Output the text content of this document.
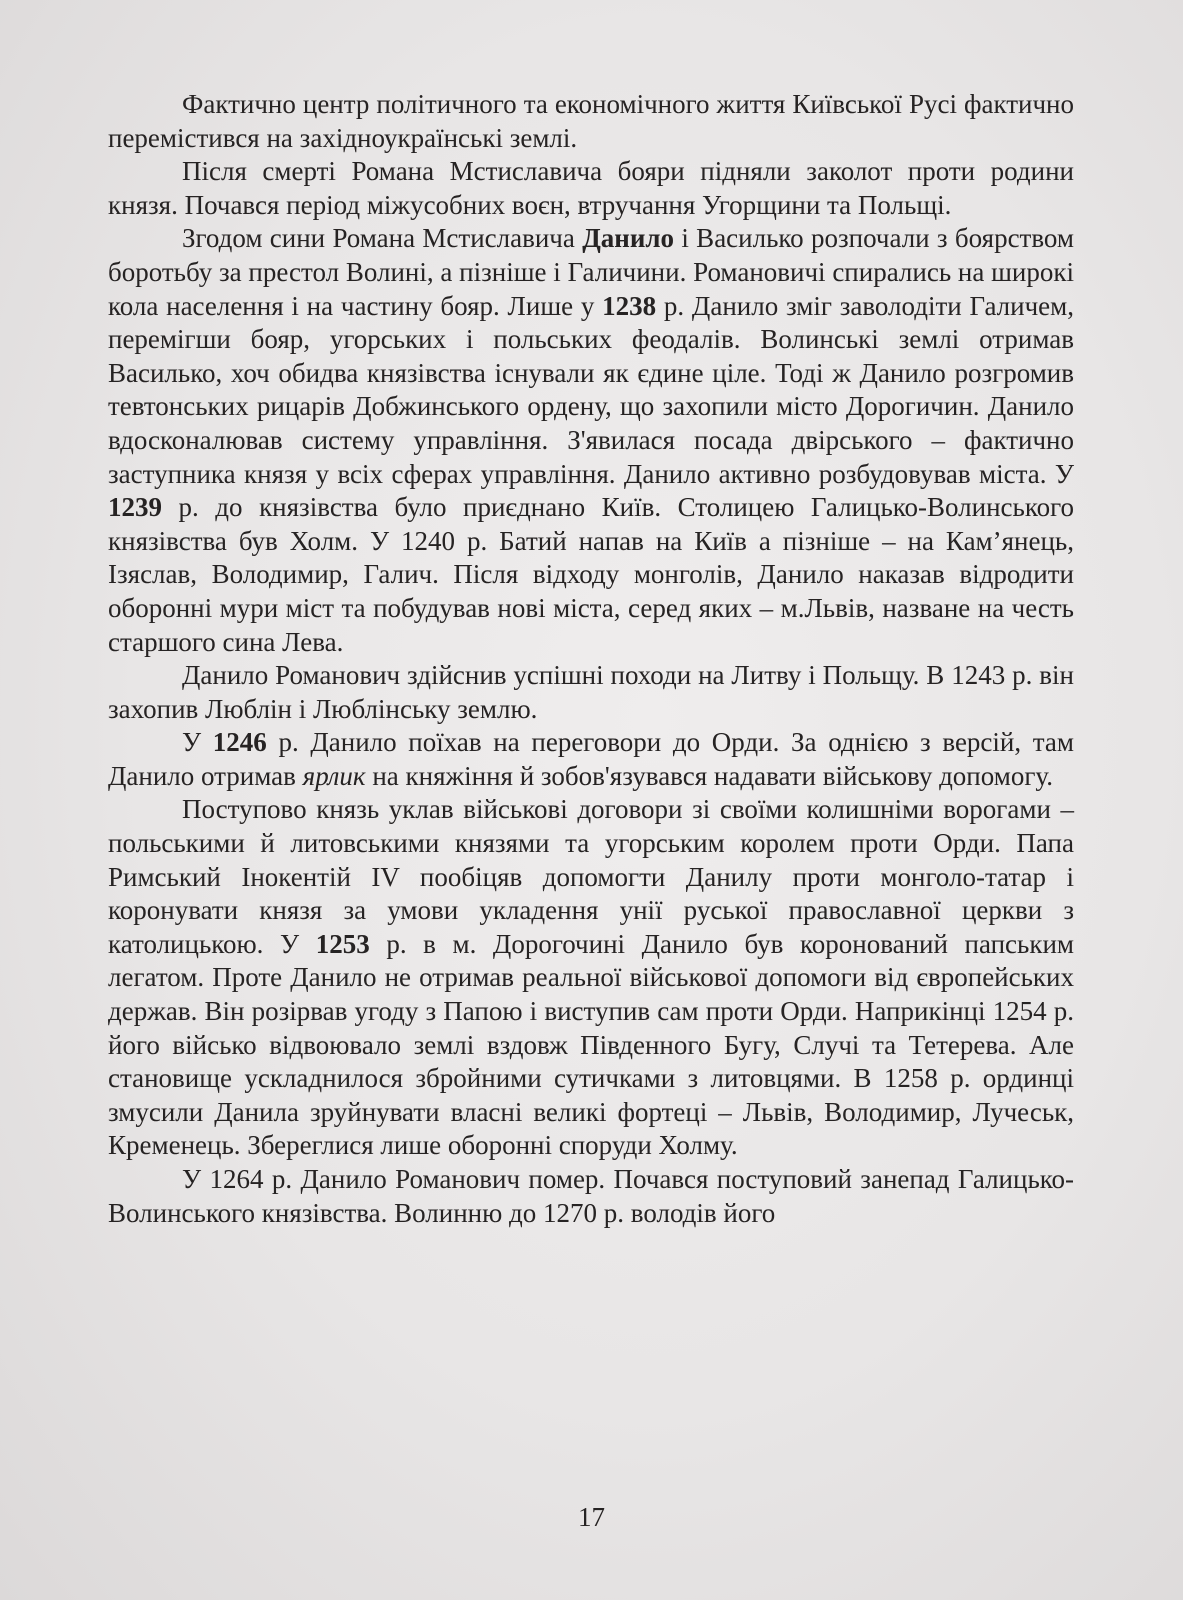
Фактично центр політичного та економічного життя Київської Русі фактично перемістився на західноукраїнські землі.

Після смерті Романа Мстиславича бояри підняли заколот проти родини князя. Почався період міжусобних воєн, втручання Угорщини та Польщі.

Згодом сини Романа Мстиславича Данило і Василько розпочали з боярством боротьбу за престол Волині, а пізніше і Галичини. Романовичі спирались на широкі кола населення і на частину бояр. Лише у 1238 р. Данило зміг заволодіти Галичем, перемігши бояр, угорських і польських феодалів. Волинські землі отримав Василько, хоч обидва князівства існували як єдине ціле. Тоді ж Данило розгромив тевтонських рицарів Добжинського ордену, що захопили місто Дорогичин. Данило вдосконалював систему управління. З'явилася посада двірського – фактично заступника князя у всіх сферах управління. Данило активно розбудовував міста. У 1239 р. до князівства було приєднано Київ. Столицею Галицько-Волинського князівства був Холм. У 1240 р. Батий напав на Київ а пізніше – на Кам’янець, Ізяслав, Володимир, Галич. Після відходу монголів, Данило наказав відродити оборонні мури міст та побудував нові міста, серед яких – м.Львів, назване на честь старшого сина Лева.

Данило Романович здійснив успішні походи на Литву і Польщу. В 1243 р. він захопив Люблін і Люблінську землю.

У 1246 р. Данило поїхав на переговори до Орди. За однією з версій, там Данило отримав ярлик на княжіння й зобов'язувався надавати військову допомогу.

Поступово князь уклав військові договори зі своїми колишніми ворогами – польськими й литовськими князями та угорським королем проти Орди. Папа Римський Інокентій IV пообіцяв допомогти Данилу проти монголо-татар і коронувати князя за умови укладення унії руської православної церкви з католицькою. У 1253 р. в м. Дорогочині Данило був коронований папським легатом. Проте Данило не отримав реальної військової допомоги від європейських держав. Він розірвав угоду з Папою і виступив сам проти Орди. Наприкінці 1254 р. його військо відвоювало землі вздовж Південного Бугу, Случі та Тетерева. Але становище ускладнилося збройними сутичками з литовцями. В 1258 р. ординці змусили Данила зруйнувати власні великі фортеці – Львів, Володимир, Лучеськ, Кременець. Збереглися лише оборонні споруди Холму.

У 1264 р. Данило Романович помер. Почався поступовий занепад Галицько-Волинського князівства. Волинню до 1270 р. володів його

17
